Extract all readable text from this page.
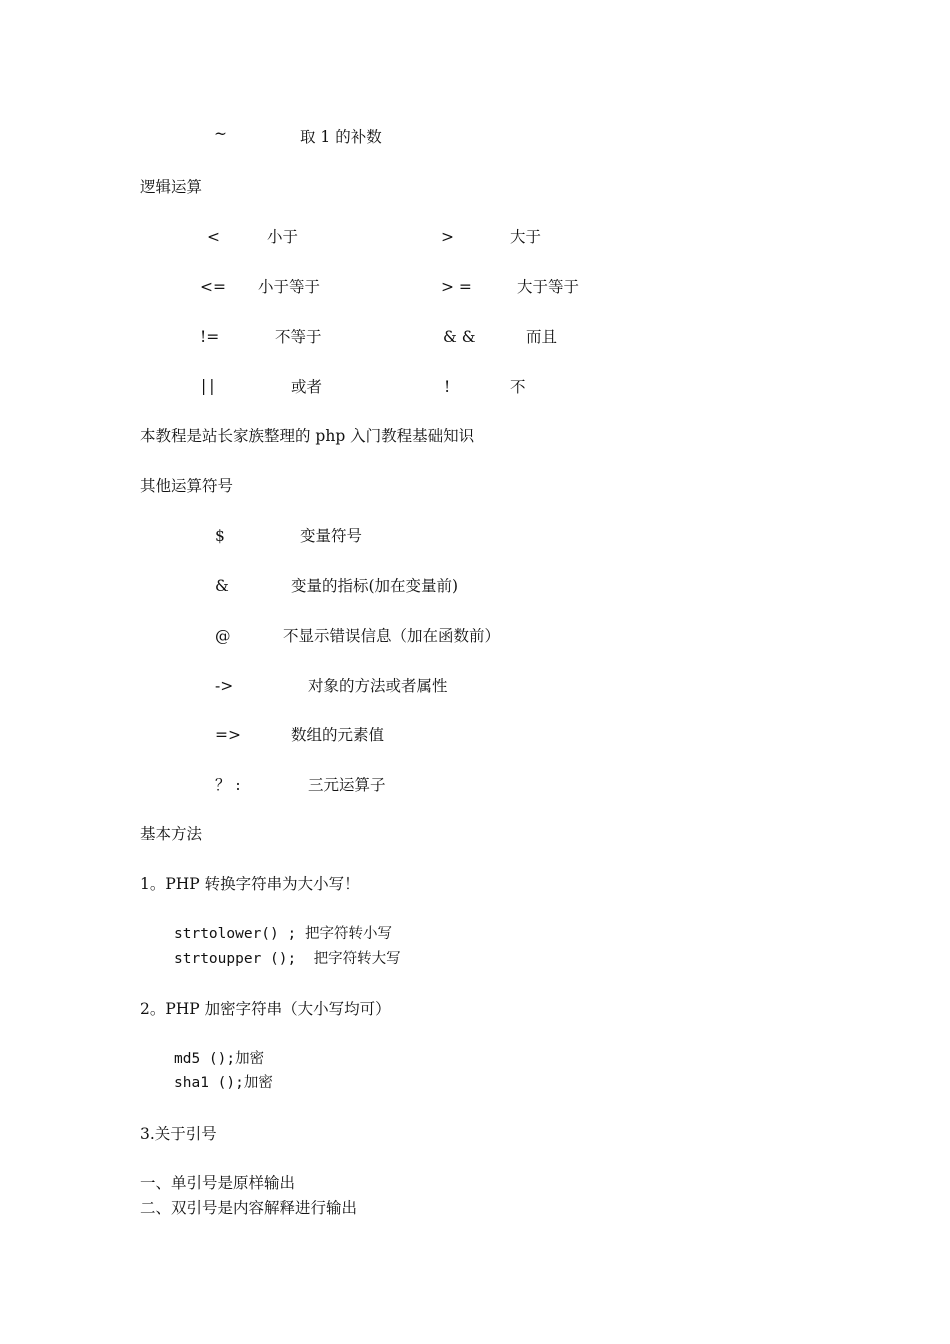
~	取 1 的补数
逻辑运算
<	小于	>	大于
<= 小于等于	> =	大于等于
!=	不等于	& &	而且
||	或者	!	不
本教程是站长家族整理的 php 入门教程基础知识
其他运算符号
$	变量符号
&	变量的指标(加在变量前)
@	不显示错误信息（加在函数前）
->	对象的方法或者属性
=>	数组的元素值
？ :	三元运算子
基本方法
1。PHP 转换字符串为大小写！
strtolower() ; 把字符转小写
strtoupper ();  把字符转大写
2。PHP 加密字符串（大小写均可）
md5 ();加密
sha1 ();加密
3.关于引号
一、单引号是原样输出
二、双引号是内容解释进行输出
